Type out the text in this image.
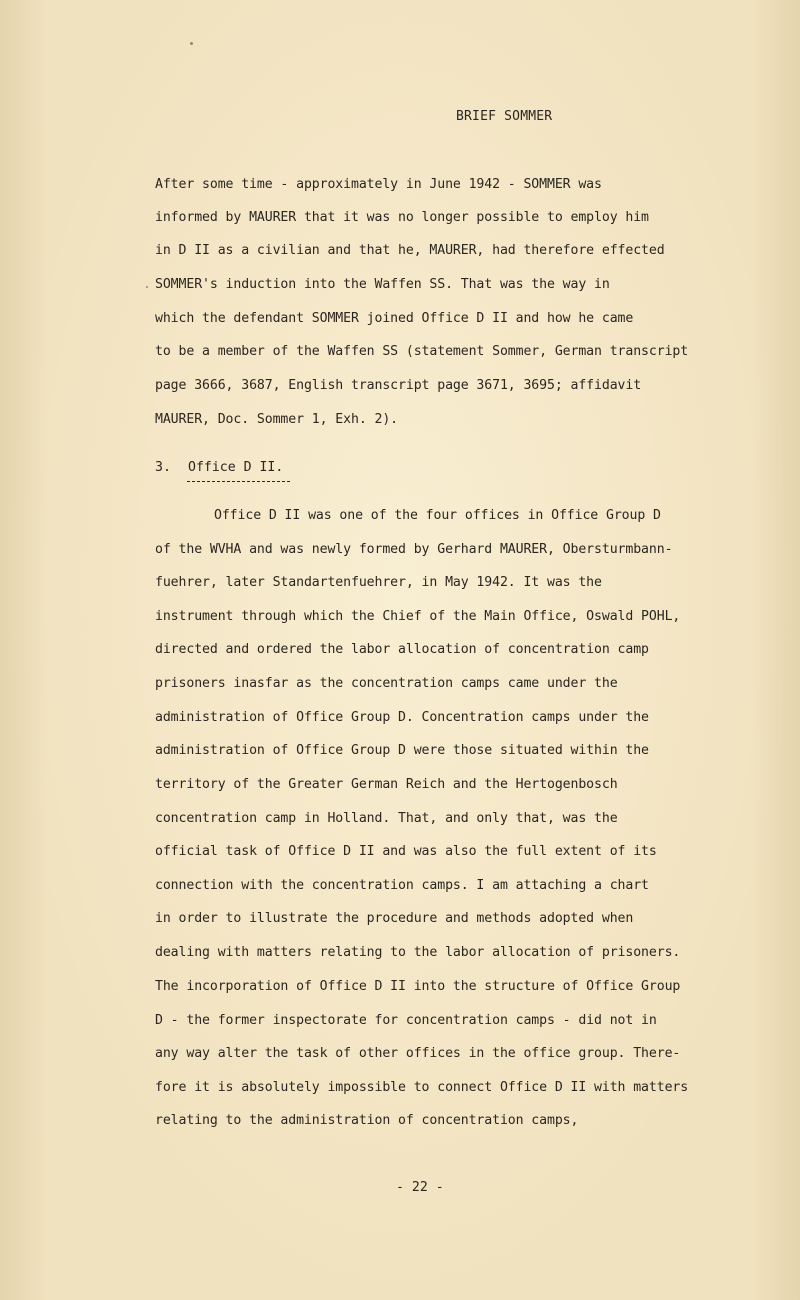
BRIEF SOMMER
After some time - approximately in June 1942 - SOMMER was
informed by MAURER that it was no longer possible to employ him
in D II as a civilian and that he, MAURER, had therefore effected
SOMMER's induction into the Waffen SS. That was the way in
which the defendant SOMMER joined Office D II and how he came
to be a member of the Waffen SS (statement Sommer, German transcript
page 3666, 3687, English transcript page 3671, 3695; affidavit
MAURER, Doc. Sommer 1, Exh. 2).
3. Office D II.
Office D II was one of the four offices in Office Group D
of the WVHA and was newly formed by Gerhard MAURER, Obersturmbann-
fuehrer, later Standartenfuehrer, in May 1942. It was the
instrument through which the Chief of the Main Office, Oswald POHL,
directed and ordered the labor allocation of concentration camp
prisoners inasfar as the concentration camps came under the
administration of Office Group D. Concentration camps under the
administration of Office Group D were those situated within the
territory of the Greater German Reich and the Hertogenbosch
concentration camp in Holland. That, and only that, was the
official task of Office D II and was also the full extent of its
connection with the concentration camps. I am attaching a chart
in order to illustrate the procedure and methods adopted when
dealing with matters relating to the labor allocation of prisoners.
The incorporation of Office D II into the structure of Office Group
D - the former inspectorate for concentration camps - did not in
any way alter the task of other offices in the office group. There-
fore it is absolutely impossible to connect Office D II with matters
relating to the administration of concentration camps,
- 22 -
